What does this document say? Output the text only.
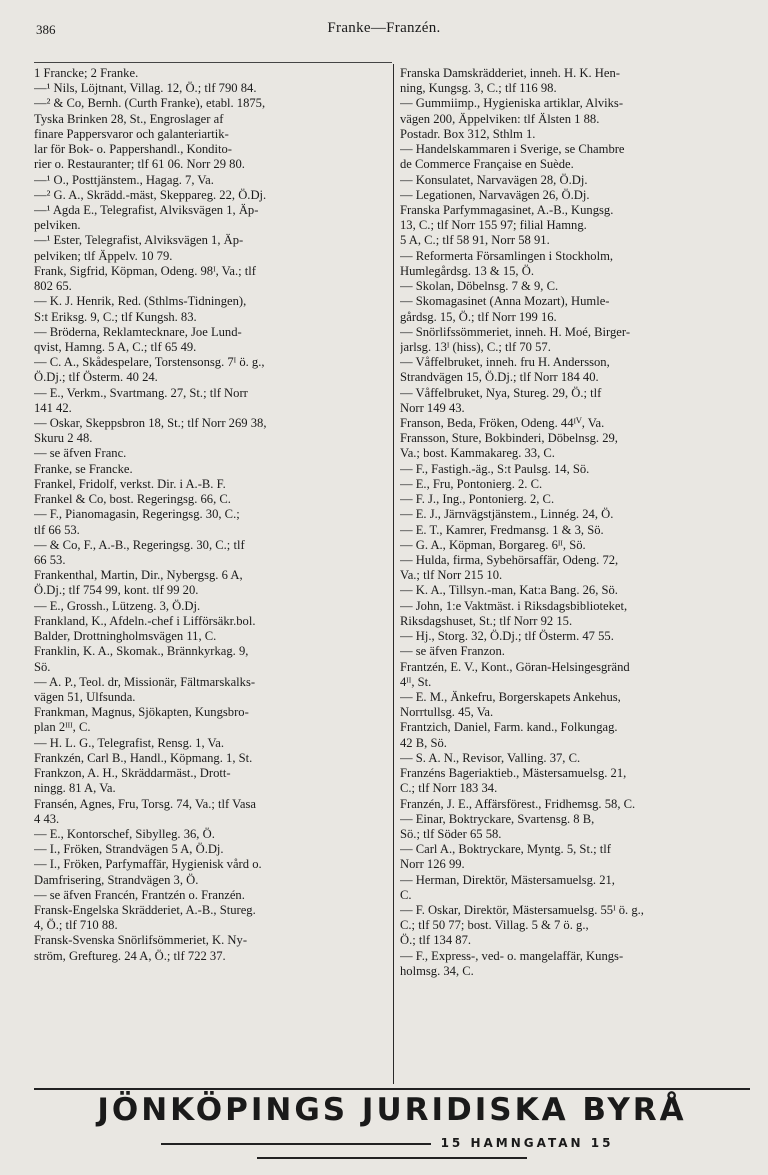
386	Franke—Franzén.
1 Francke; 2 Franke.
—¹ Nils, Löjtnant, Villag. 12, Ö.; tlf 790 84.
—² & Co, Bernh. (Curth Franke), etabl. 1875,
Tyska Brinken 28, St., Engroslager af
finare Pappersvaror och galanteriartik-
lar för Bok- o. Pappershandl., Kondito-
rier o. Restauranter; tlf 61 06. Norr 29 80.
—¹ O., Posttjänstem., Hagag. 7, Va.
—² G. A., Skrädd.-mäst, Skeppareg. 22, Ö.Dj.
—¹ Agda E., Telegrafist, Alviksvägen 1, Äp-
pelviken.
—¹ Ester, Telegrafist, Alviksvägen 1, Äp-
pelviken; tlf Äppelv. 10 79.
Frank, Sigfrid, Köpman, Odeng. 98ᴵ, Va.; tlf
802 65.
— K. J. Henrik, Red. (Sthlms-Tidningen),
S:t Eriksg. 9, C.; tlf Kungsh. 83.
— Bröderna, Reklamtecknare, Joe Lund-
qvist, Hamng. 5 A, C.; tlf 65 49.
— C. A., Skådespelare, Torstensonsg. 7ᴵ ö. g.,
Ö.Dj.; tlf Österm. 40 24.
— E., Verkm., Svartmang. 27, St.; tlf Norr
141 42.
— Oskar, Skeppsbron 18, St.; tlf Norr 269 38,
Skuru 2 48.
— se äfven Franc.
Franke, se Francke.
Frankel, Fridolf, verkst. Dir. i A.-B. F.
Frankel & Co, bost. Regeringsg. 66, C.
— F., Pianomagasin, Regeringsg. 30, C.;
tlf 66 53.
— & Co, F., A.-B., Regeringsg. 30, C.; tlf
66 53.
Frankenthal, Martin, Dir., Nybergsg. 6 A,
Ö.Dj.; tlf 754 99, kont. tlf 99 20.
— E., Grossh., Lützeng. 3, Ö.Dj.
Frankland, K., Afdeln.-chef i Lifförsäkr.bol.
Balder, Drottningholmsvägen 11, C.
Franklin, K. A., Skomak., Brännkyrkag. 9,
Sö.
— A. P., Teol. dr, Missionär, Fältmarskalks-
vägen 51, Ulfsunda.
Frankman, Magnus, Sjökapten, Kungsbro-
plan 2ᴵᴵᴵ, C.
— H. L. G., Telegrafist, Rensg. 1, Va.
Frankzén, Carl B., Handl., Köpmang. 1, St.
Frankzon, A. H., Skräddarmäst., Drott-
ningg. 81 A, Va.
Fransén, Agnes, Fru, Torsg. 74, Va.; tlf Vasa
4 43.
— E., Kontorschef, Sibylleg. 36, Ö.
— I., Fröken, Strandvägen 5 A, Ö.Dj.
— I., Fröken, Parfymaffär, Hygienisk vård o.
Damfrisering, Strandvägen 3, Ö.
— se äfven Francén, Frantzén o. Franzén.
Fransk-Engelska Skrädderiet, A.-B., Stureg.
4, Ö.; tlf 710 88.
Fransk-Svenska Snörlifsömmeriet, K. Ny-
ström, Greftureg. 24 A, Ö.; tlf 722 37.
Franska Damskrädderiet, inneh. H. K. Hen-
ning, Kungsg. 3, C.; tlf 116 98.
— Gummiimp., Hygieniska artiklar, Alviks-
vägen 200, Äppelviken: tlf Älsten 1 88.
Postadr. Box 312, Sthlm 1.
— Handelskammaren i Sverige, se Chambre
de Commerce Française en Suède.
— Konsulatet, Narvavägen 28, Ö.Dj.
— Legationen, Narvavägen 26, Ö.Dj.
Franska Parfymmagasinet, A.-B., Kungsg.
13, C.; tlf Norr 155 97; filial Hamng.
5 A, C.; tlf 58 91, Norr 58 91.
— Reformerta Församlingen i Stockholm,
Humlegårdsg. 13 & 15, Ö.
— Skolan, Döbelnsg. 7 & 9, C.
— Skomagasinet (Anna Mozart), Humle-
gårdsg. 15, Ö.; tlf Norr 199 16.
— Snörlifssömmeriet, inneh. H. Moé, Birger-
jarlsg. 13ᴵ (hiss), C.; tlf 70 57.
— Våffelbruket, inneh. fru H. Andersson,
Strandvägen 15, Ö.Dj.; tlf Norr 184 40.
— Våffelbruket, Nya, Stureg. 29, Ö.; tlf
Norr 149 43.
Franson, Beda, Fröken, Odeng. 44ᴵⱽ, Va.
Fransson, Sture, Bokbinderi, Döbelnsg. 29,
Va.; bost. Kammakareg. 33, C.
— F., Fastigh.-äg., S:t Paulsg. 14, Sö.
— E., Fru, Pontonierg. 2. C.
— F. J., Ing., Pontonierg. 2, C.
— E. J., Järnvägstjänstem., Linnég. 24, Ö.
— E. T., Kamrer, Fredmansg. 1 & 3, Sö.
— G. A., Köpman, Borgareg. 6ᴵᴵ, Sö.
— Hulda, firma, Sybehörsaffär, Odeng. 72,
Va.; tlf Norr 215 10.
— K. A., Tillsyn.-man, Kat:a Bang. 26, Sö.
— John, 1:e Vaktmäst. i Riksdagsbiblioteket,
Riksdagshuset, St.; tlf Norr 92 15.
— Hj., Storg. 32, Ö.Dj.; tlf Österm. 47 55.
— se äfven Franzon.
Frantzén, E. V., Kont., Göran-Helsingesgränd
4ᴵᴵ, St.
— E. M., Änkefru, Borgerskapets Ankehus,
Norrtullsg. 45, Va.
Frantzich, Daniel, Farm. kand., Folkungag.
42 B, Sö.
— S. A. N., Revisor, Valling. 37, C.
Franzéns Bageriaktieb., Mästersamuelsg. 21,
C.; tlf Norr 183 34.
Franzén, J. E., Affärsförest., Fridhemsg. 58, C.
— Einar, Boktryckare, Svartensg. 8 B,
Sö.; tlf Söder 65 58.
— Carl A., Boktryckare, Myntg. 5, St.; tlf
Norr 126 99.
— Herman, Direktör, Mästersamuelsg. 21,
C.
— F. Oskar, Direktör, Mästersamuelsg. 55ᴵ ö. g.,
C.; tlf 50 77; bost. Villag. 5 & 7 ö. g.,
Ö.; tlf 134 87.
— F., Express-, ved- o. mangelaffär, Kungs-
holmsg. 34, C.
JÖNKÖPINGS JURIDISKA BYRÅ
15 HAMNGATAN 15
